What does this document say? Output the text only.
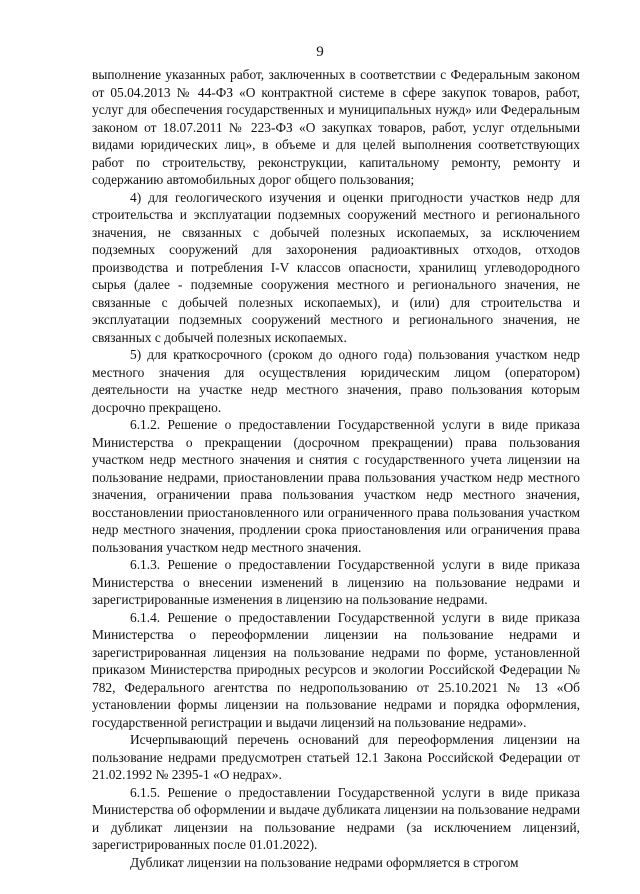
9

выполнение указанных работ, заключенных в соответствии с Федеральным законом от 05.04.2013 № 44-ФЗ «О контрактной системе в сфере закупок товаров, работ, услуг для обеспечения государственных и муниципальных нужд» или Федеральным законом от 18.07.2011 № 223-ФЗ «О закупках товаров, работ, услуг отдельными видами юридических лиц», в объеме и для целей выполнения соответствующих работ по строительству, реконструкции, капитальному ремонту, ремонту и содержанию автомобильных дорог общего пользования;

4) для геологического изучения и оценки пригодности участков недр для строительства и эксплуатации подземных сооружений местного и регионального значения, не связанных с добычей полезных ископаемых, за исключением подземных сооружений для захоронения радиоактивных отходов, отходов производства и потребления I-V классов опасности, хранилищ углеводородного сырья (далее - подземные сооружения местного и регионального значения, не связанные с добычей полезных ископаемых), и (или) для строительства и эксплуатации подземных сооружений местного и регионального значения, не связанных с добычей полезных ископаемых.

5) для краткосрочного (сроком до одного года) пользования участком недр местного значения для осуществления юридическим лицом (оператором) деятельности на участке недр местного значения, право пользования которым досрочно прекращено.

6.1.2. Решение о предоставлении Государственной услуги в виде приказа Министерства о прекращении (досрочном прекращении) права пользования участком недр местного значения и снятия с государственного учета лицензии на пользование недрами, приостановлении права пользования участком недр местного значения, ограничении права пользования участком недр местного значения, восстановлении приостановленного или ограниченного права пользования участком недр местного значения, продлении срока приостановления или ограничения права пользования участком недр местного значения.

6.1.3. Решение о предоставлении Государственной услуги в виде приказа Министерства о внесении изменений в лицензию на пользование недрами и зарегистрированные изменения в лицензию на пользование недрами.

6.1.4. Решение о предоставлении Государственной услуги в виде приказа Министерства о переоформлении лицензии на пользование недрами и зарегистрированная лицензия на пользование недрами по форме, установленной приказом Министерства природных ресурсов и экологии Российской Федерации № 782, Федерального агентства по недропользованию от 25.10.2021 № 13 «Об установлении формы лицензии на пользование недрами и порядка оформления, государственной регистрации и выдачи лицензий на пользование недрами».

Исчерпывающий перечень оснований для переоформления лицензии на пользование недрами предусмотрен статьей 12.1 Закона Российской Федерации от 21.02.1992 № 2395-1 «О недрах».

6.1.5. Решение о предоставлении Государственной услуги в виде приказа Министерства об оформлении и выдаче дубликата лицензии на пользование недрами и дубликат лицензии на пользование недрами (за исключением лицензий, зарегистрированных после 01.01.2022).

Дубликат лицензии на пользование недрами оформляется в строгом
